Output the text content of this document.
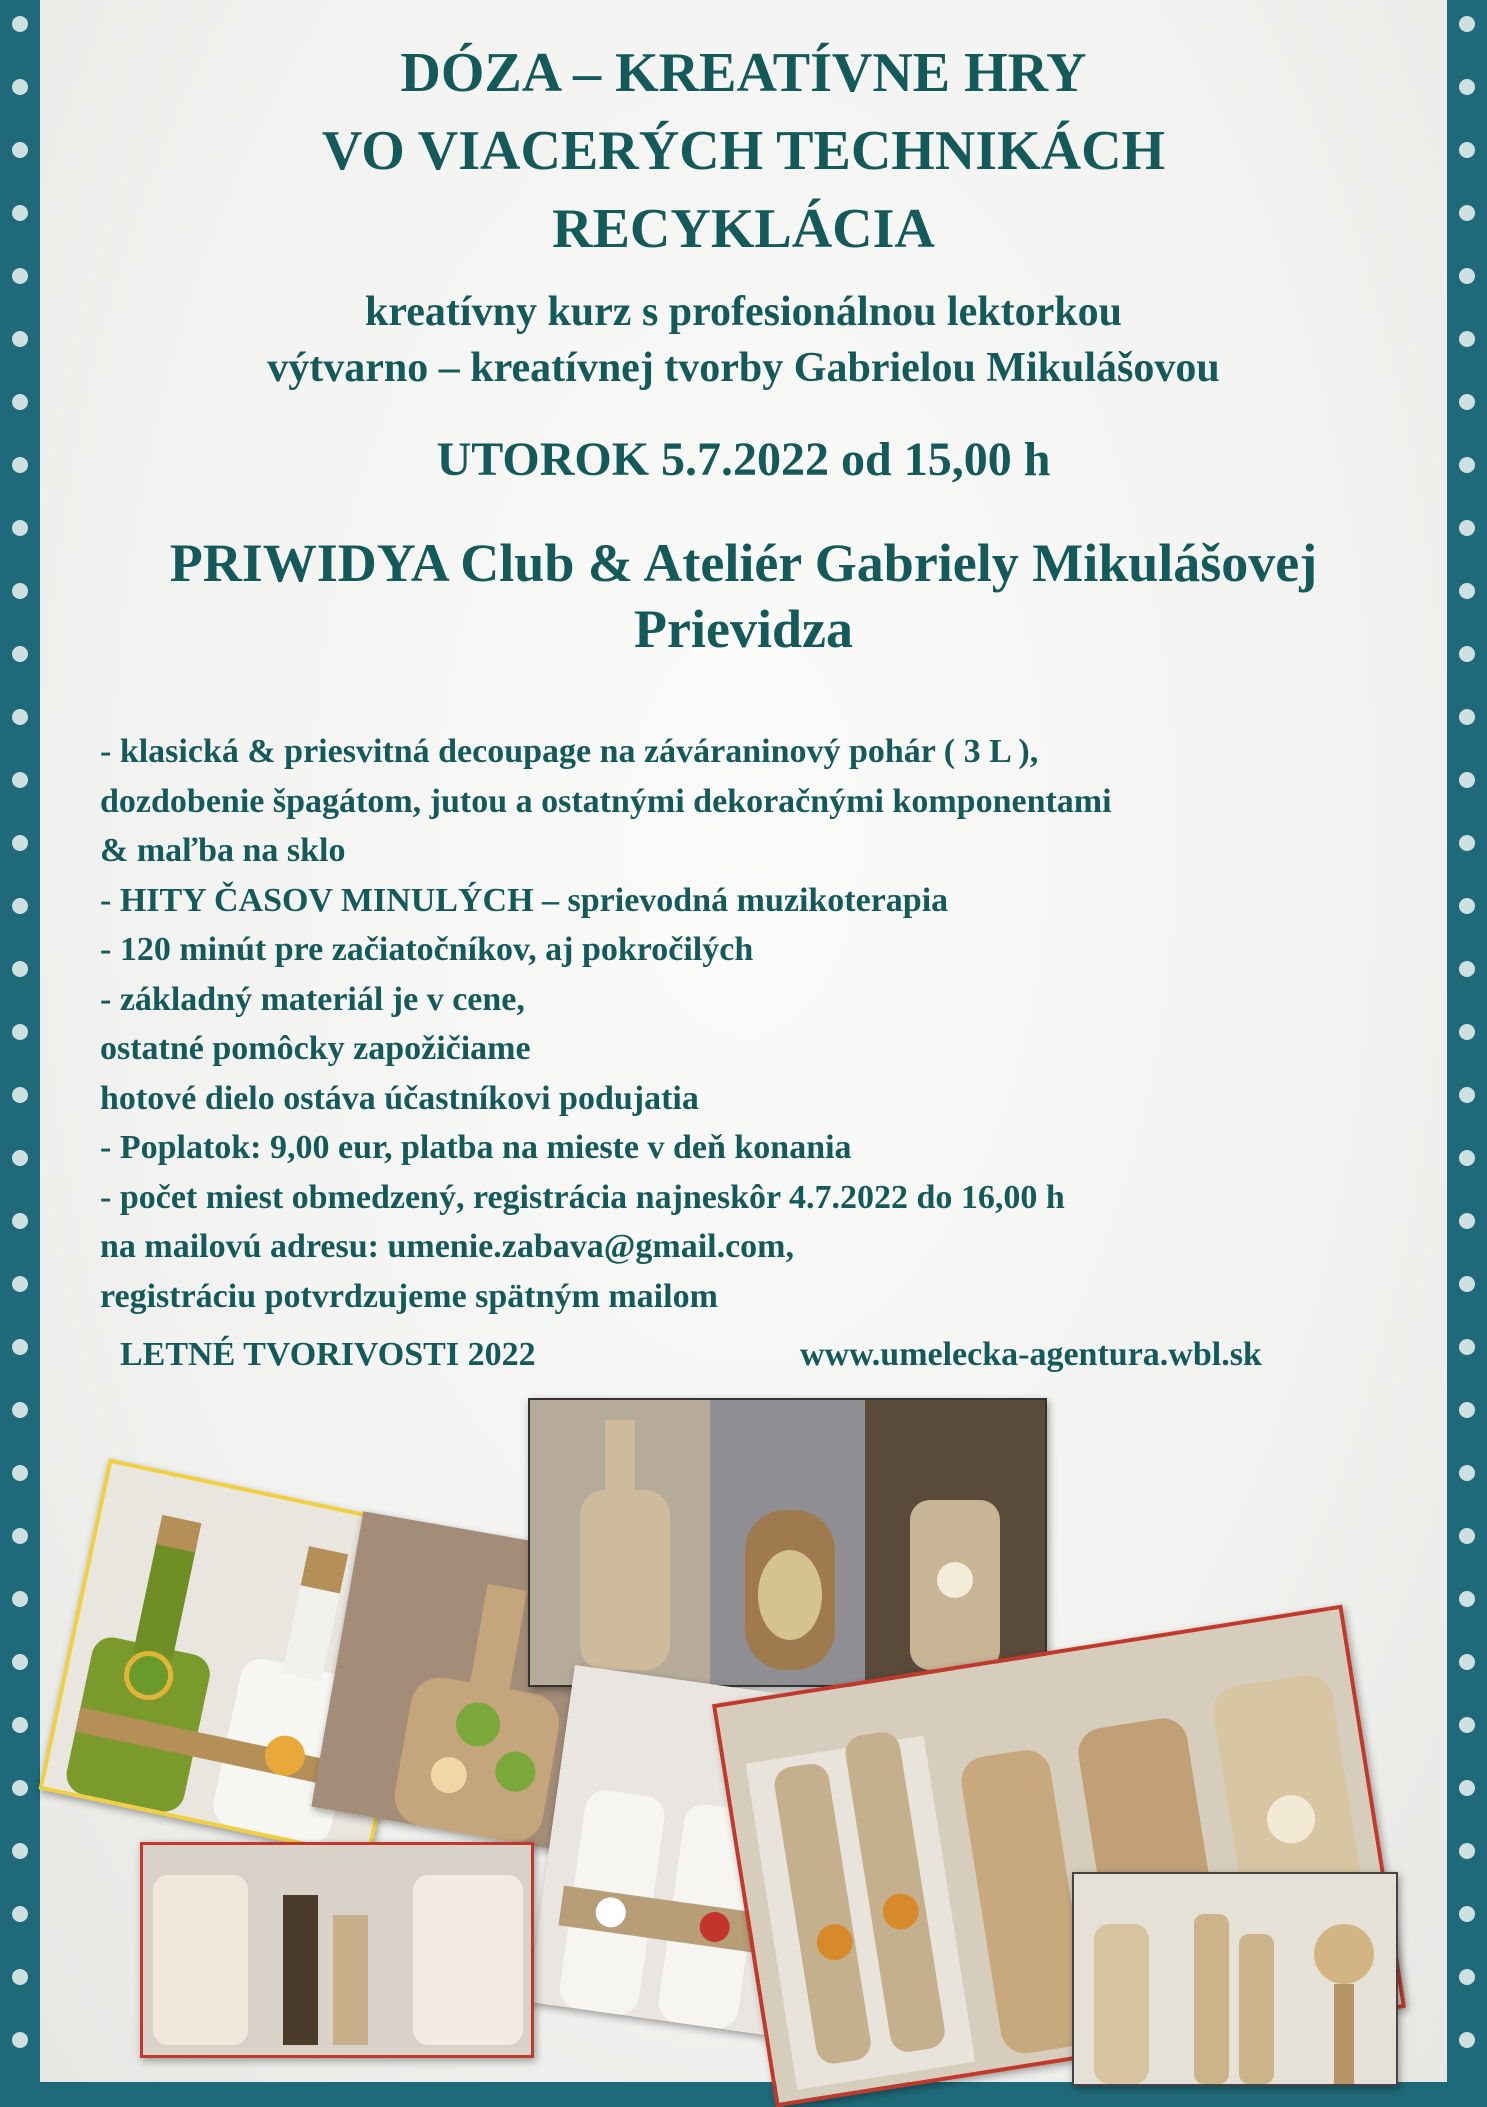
DÓZA – KREATÍVNE HRY
VO VIACERÝCH TECHNIKÁCH
RECYKLÁCIA
kreatívny kurz s profesionálnou lektorkou
výtvarno – kreatívnej tvorby Gabrielou Mikulášovou
UTOROK 5.7.2022 od 15,00 h
PRIWIDYA Club & Ateliér Gabriely Mikulášovej
Prievidza
- klasická & priesvitná decoupage na záváraninový pohár ( 3 L ),
dozdobenie špagátom, jutou a ostatnými dekoračnými komponentami
& maľba na sklo
- HITY ČASOV MINULÝCH – sprievodná muzikoterapia
- 120 minút pre začiatočníkov, aj pokročilých
- základný materiál je v cene,
ostatné pomôcky zapožičiame
hotové dielo ostáva účastníkovi podujatia
- Poplatok: 9,00 eur, platba na mieste v deň konania
- počet miest obmedzený, registrácia najneskôr 4.7.2022 do 16,00 h
na mailovú adresu: umenie.zabava@gmail.com,
registráciu potvrdzujeme spätným mailom
LETNÉ TVORIVOSTI 2022	www.umelecka-agentura.wbl.sk
